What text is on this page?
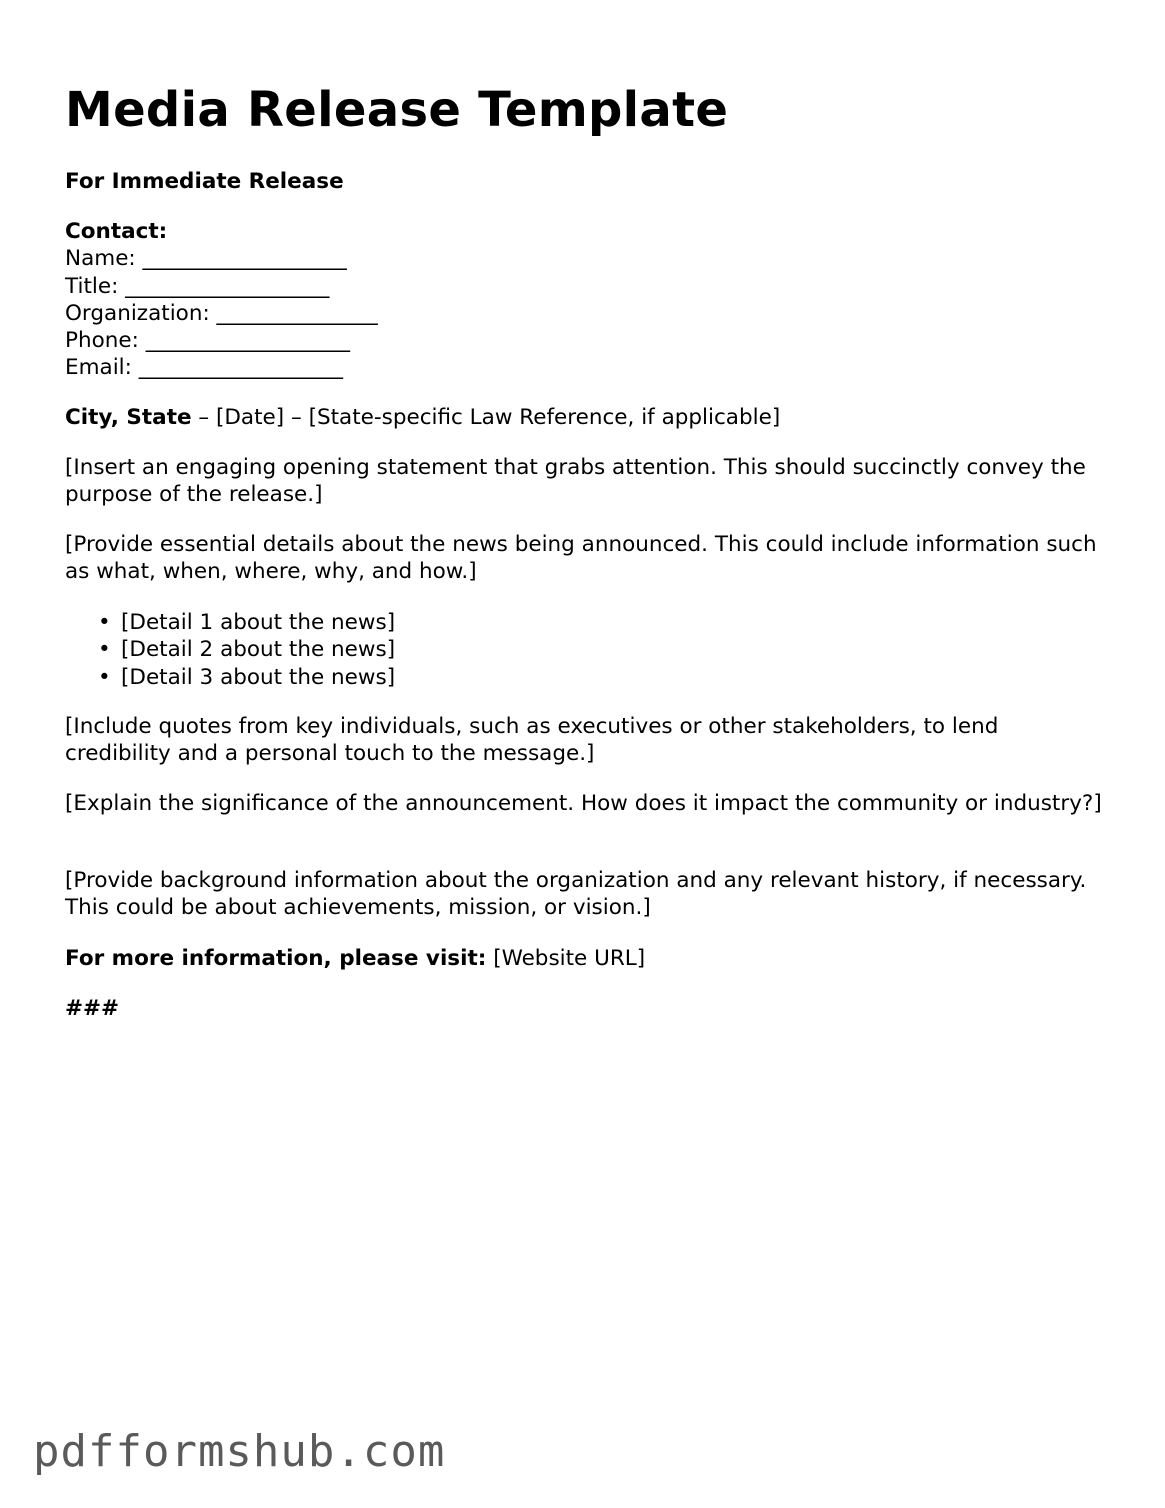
Media Release Template

For Immediate Release

Contact:
Name: ___________________
Title: ___________________
Organization: _______________
Phone: ___________________
Email: ___________________

City, State – [Date] – [State-specific Law Reference, if applicable]

[Insert an engaging opening statement that grabs attention. This should succinctly convey the purpose of the release.]

[Provide essential details about the news being announced. This could include information such as what, when, where, why, and how.]

• [Detail 1 about the news]
• [Detail 2 about the news]
• [Detail 3 about the news]

[Include quotes from key individuals, such as executives or other stakeholders, to lend credibility and a personal touch to the message.]

[Explain the significance of the announcement. How does it impact the community or industry?]

[Provide background information about the organization and any relevant history, if necessary. This could be about achievements, mission, or vision.]

For more information, please visit: [Website URL]

###

pdfformshub.com
